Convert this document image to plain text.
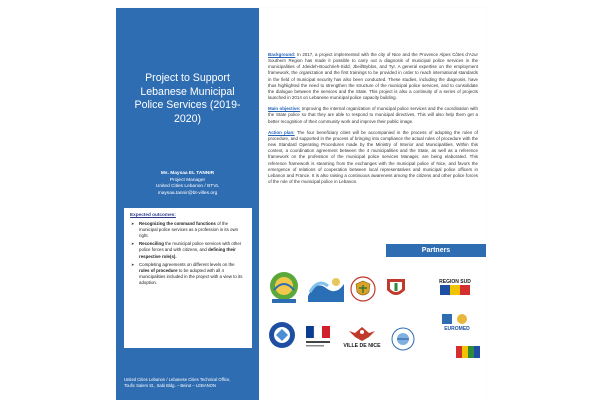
Project to Support Lebanese Municipal Police Services (2019-2020)
Ms. Maysaa EL TANNIR
Project Manager
United Cities Lebanon / BTVL
maysaa.tannir@bt-villes.org
Expected outcomes:
➤ Recognizing the command functions of the municipal police services as a profession in its own right.
➤ Reconciling the municipal police services with other police forces and with citizens, and defining their respective role(s).
➤ Completing agreements on different levels on the rules of procedure to be adopted with all 4 municipalities included in the project with a view to its adoption.
United Cities Lebanon / Lebanese Cities Technical Office,
Toufic Salem St., Sabi Bldg. – Beirut – LEBANON

Background: In 2017, a project implemented with the city of Nice and the Provence Alpes Côtes d’Azur Southern Region has made it possible to carry out a diagnosis of municipal police services in the municipalities of Jdeideh-Bouchrieh-Sidd, Jbeil/Byblos, and Tyr. A general expertise on the employment framework, the organization and the first trainings to be provided in order to reach international standards in the field of municipal security has also been conducted. These studies, including the diagnosis, have thus highlighted the need to strengthen the structure of the municipal police services, and to consolidate the dialogue between the services and the State. This project is also a continuity of a series of projects launched in 2014 on Lebanese municipal police capacity building.

Main objective: Improving the internal organization of municipal police services and the coordination with the State police so that they are able to respond to municipal directives. This will also help them get a better recognition of their community work and improve their public image.

Action plan: The four beneficiary cities will be accompanied in the process of adopting the rules of procedure, and supported in the process of bringing into compliance the actual rules of procedure with the new Standard Operating Procedures made by the Ministry of Interior and Municipalities. Within this context, a coordination agreement between the 4 municipalities and the State, as well as a reference framework on the profession of the municipal police services Manager, are being elaborated. This reference framework is steaming from the exchanges with the municipal police of Nice, and favors the emergence of relations of cooperation between local representatives and municipal police officers in Lebanon and France. It is also raising a continuous awareness among the citizens and other police forces of the role of the municipal police in Lebanon.

Partners
REGION SUD
VILLE DE NICE
EUROMED
